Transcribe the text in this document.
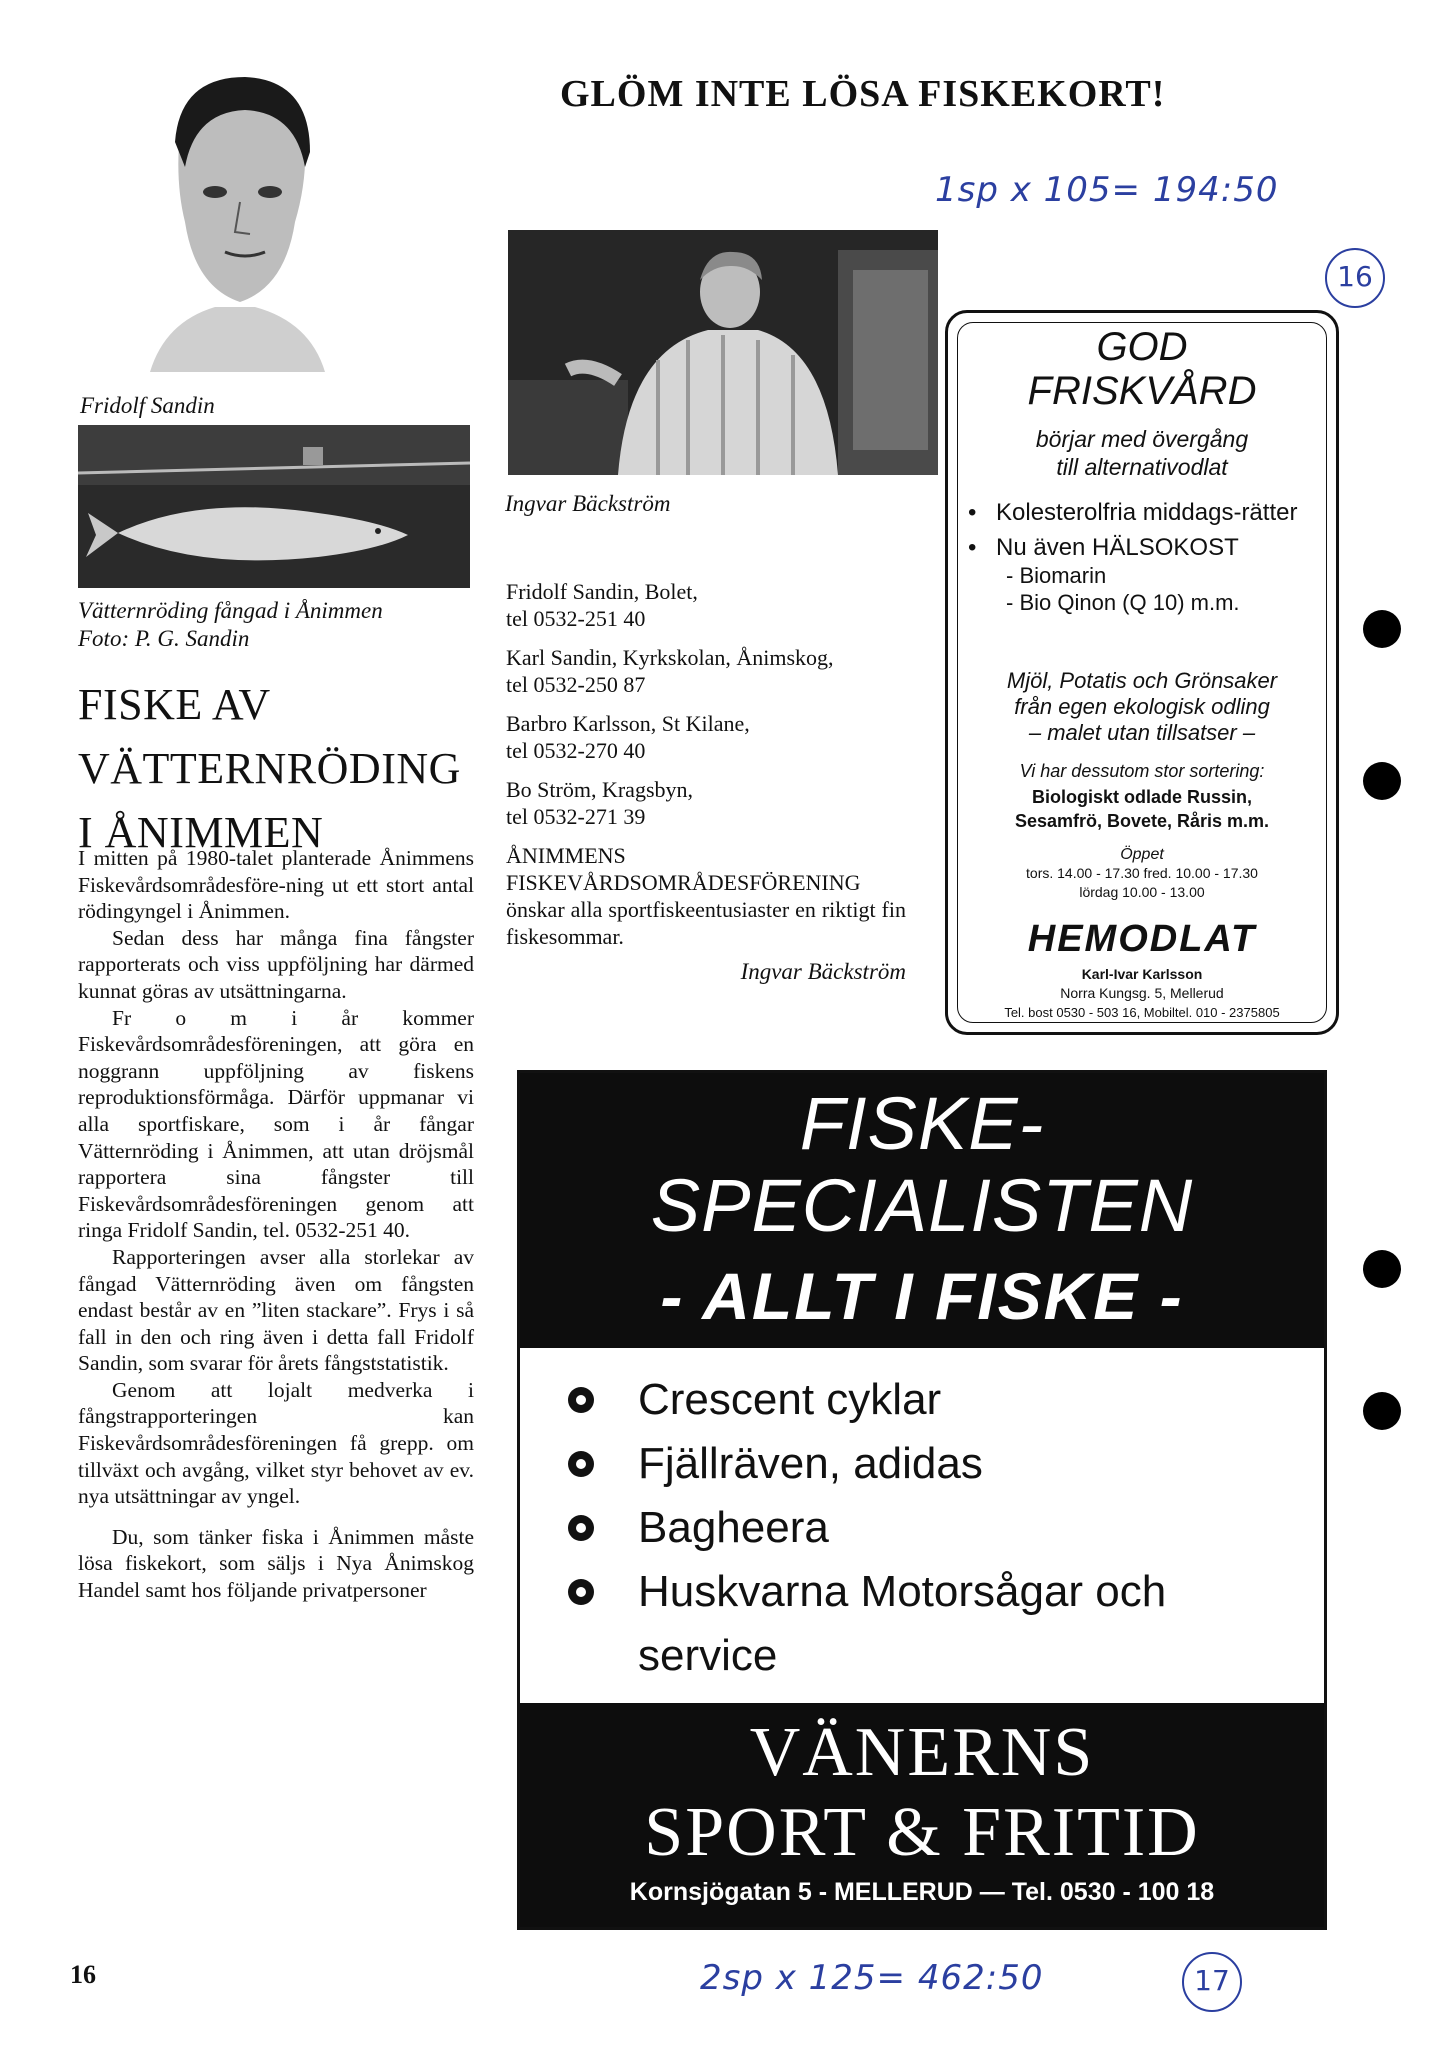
GLÖM INTE LÖSA FISKEKORT!
1sp x 105= 194:50
16
Fridolf Sandin
Vätternröding fångad i Ånimmen
Foto: P. G. Sandin
FISKE AV
VÄTTERNRÖDING
I ÅNIMMEN

I mitten på 1980-talet planterade Ånimmens Fiskevårdsområdesföre-ning ut ett stort antal rödingyngel i Ånimmen.

Sedan dess har många fina fångster rapporterats och viss uppföljning har därmed kunnat göras av utsättningarna.

Fr o m i år kommer Fiskevårdsområdesföreningen, att göra en noggrann uppföljning av fiskens reproduktionsförmåga. Därför uppmanar vi alla sportfiskare, som i år fångar Vätternröding i Ånimmen, att utan dröjsmål rapportera sina fångster till Fiskevårdsområdesföreningen genom att ringa Fridolf Sandin, tel. 0532-251 40.

Rapporteringen avser alla storlekar av fångad Vätternröding även om fångsten endast består av en ”liten stackare”. Frys i så fall in den och ring även i detta fall Fridolf Sandin, som svarar för årets fångststatistik.

Genom att lojalt medverka i fångstrapporteringen kan Fiskevårdsområdesföreningen få grepp. om tillväxt och avgång, vilket styr behovet av ev. nya utsättningar av yngel.

Du, som tänker fiska i Ånimmen måste lösa fiskekort, som säljs i Nya Ånimskog Handel samt hos följande privatpersoner

16
Ingvar Bäckström
Fridolf Sandin, Bolet,
tel 0532-251 40
Karl Sandin, Kyrkskolan, Ånimskog,
tel 0532-250 87
Barbro Karlsson, St Kilane,
tel 0532-270 40
Bo Ström, Kragsbyn,
tel 0532-271 39
ÅNIMMENS FISKEVÅRDSOMRÅDESFÖRENING önskar alla sportfiskeentusiaster en riktigt fin fiskesommar.
Ingvar Bäckström
GOD
FRISKVÅRD
börjar med övergång
till alternativodlat
• Kolesterolfria middags-rätter
• Nu även HÄLSOKOST
- Biomarin
- Bio Qinon (Q 10) m.m.
Mjöl, Potatis och Grönsaker
från egen ekologisk odling
– malet utan tillsatser –
Vi har dessutom stor sortering:
Biologiskt odlade Russin,
Sesamfrö, Bovete, Råris m.m.
Öppet
tors. 14.00 - 17.30 fred. 10.00 - 17.30
lördag 10.00 - 13.00
HEMODLAT
Karl-Ivar Karlsson
Norra Kungsg. 5, Mellerud
Tel. bost 0530 - 503 16, Mobiltel. 010 - 2375805
FISKE-
SPECIALISTEN
- ALLT I FISKE -
Crescent cyklar
Fjällräven, adidas
Bagheera
Huskvarna Motorsågar och service
VÄNERNS
SPORT & FRITID
Kornsjögatan 5 - MELLERUD — Tel. 0530 - 100 18
2sp x 125= 462:50	17
